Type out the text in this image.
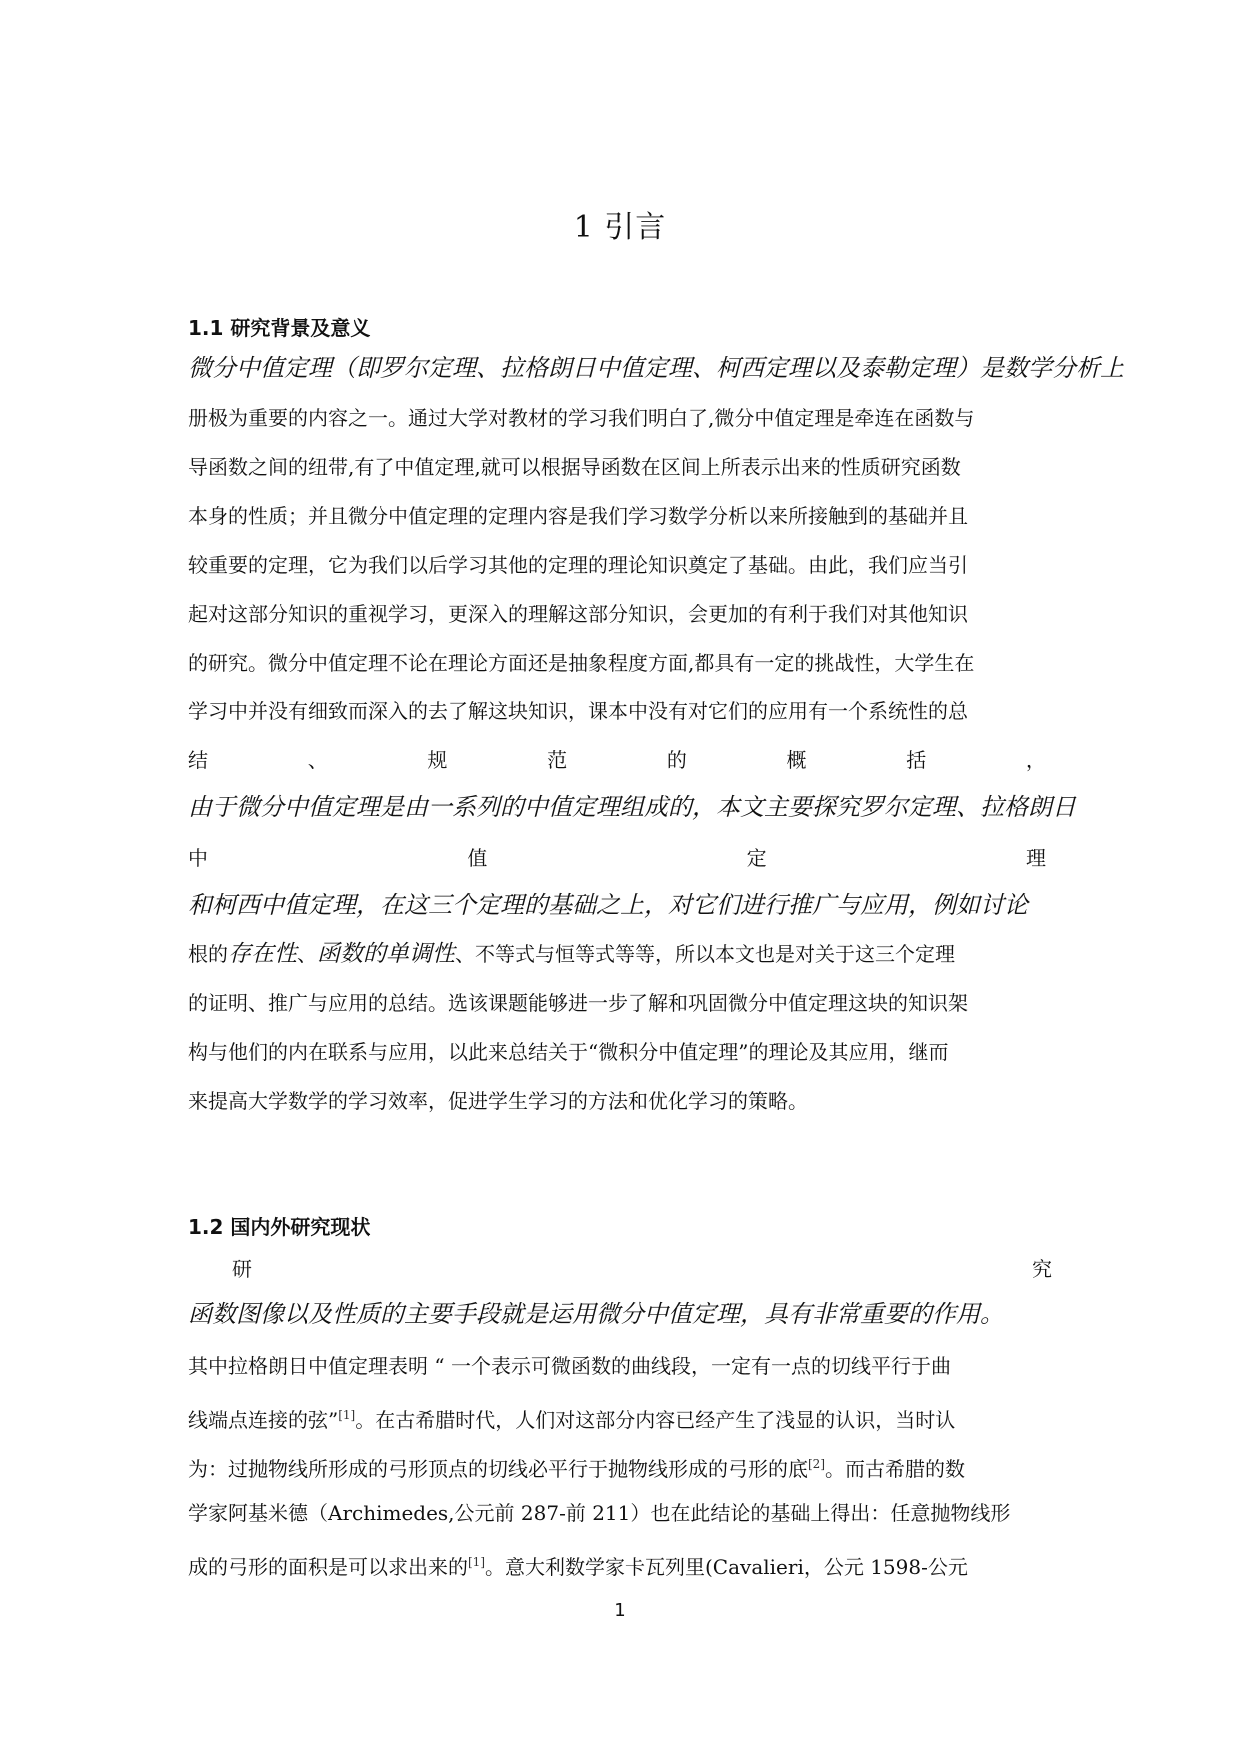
1 引言
1.1 研究背景及意义
微分中值定理（即罗尔定理、拉格朗日中值定理、柯西定理以及泰勒定理）是数学分析上
册极为重要的内容之一。通过大学对教材的学习我们明白了,微分中值定理是牵连在函数与
导函数之间的纽带,有了中值定理,就可以根据导函数在区间上所表示出来的性质研究函数
本身的性质；并且微分中值定理的定理内容是我们学习数学分析以来所接触到的基础并且
较重要的定理，它为我们以后学习其他的定理的理论知识奠定了基础。由此，我们应当引
起对这部分知识的重视学习，更深入的理解这部分知识，会更加的有利于我们对其他知识
的研究。微分中值定理不论在理论方面还是抽象程度方面,都具有一定的挑战性，大学生在
学习中并没有细致而深入的去了解这块知识，课本中没有对它们的应用有一个系统性的总
结	、	规	范	的	概	括	，
由于微分中值定理是由一系列的中值定理组成的，本文主要探究罗尔定理、拉格朗日
中	值	定	理
和柯西中值定理，在这三个定理的基础之上，对它们进行推广与应用，例如讨论
根的存在性、函数的单调性、不等式与恒等式等等，所以本文也是对关于这三个定理
的证明、推广与应用的总结。选该课题能够进一步了解和巩固微分中值定理这块的知识架
构与他们的内在联系与应用，以此来总结关于“微积分中值定理”的理论及其应用，继而
来提高大学数学的学习效率，促进学生学习的方法和优化学习的策略。
1.2 国内外研究现状
研	究
函数图像以及性质的主要手段就是运用微分中值定理，具有非常重要的作用。
其中拉格朗日中值定理表明 “ 一个表示可微函数的曲线段，一定有一点的切线平行于曲
线端点连接的弦”[1]。在古希腊时代，人们对这部分内容已经产生了浅显的认识，当时认
为：过抛物线所形成的弓形顶点的切线必平行于抛物线形成的弓形的底[2]。而古希腊的数
学家阿基米德（Archimedes,公元前 287-前 211）也在此结论的基础上得出：任意抛物线形
成的弓形的面积是可以求出来的[1]。意大利数学家卡瓦列里(Cavalieri，公元 1598-公元
1
